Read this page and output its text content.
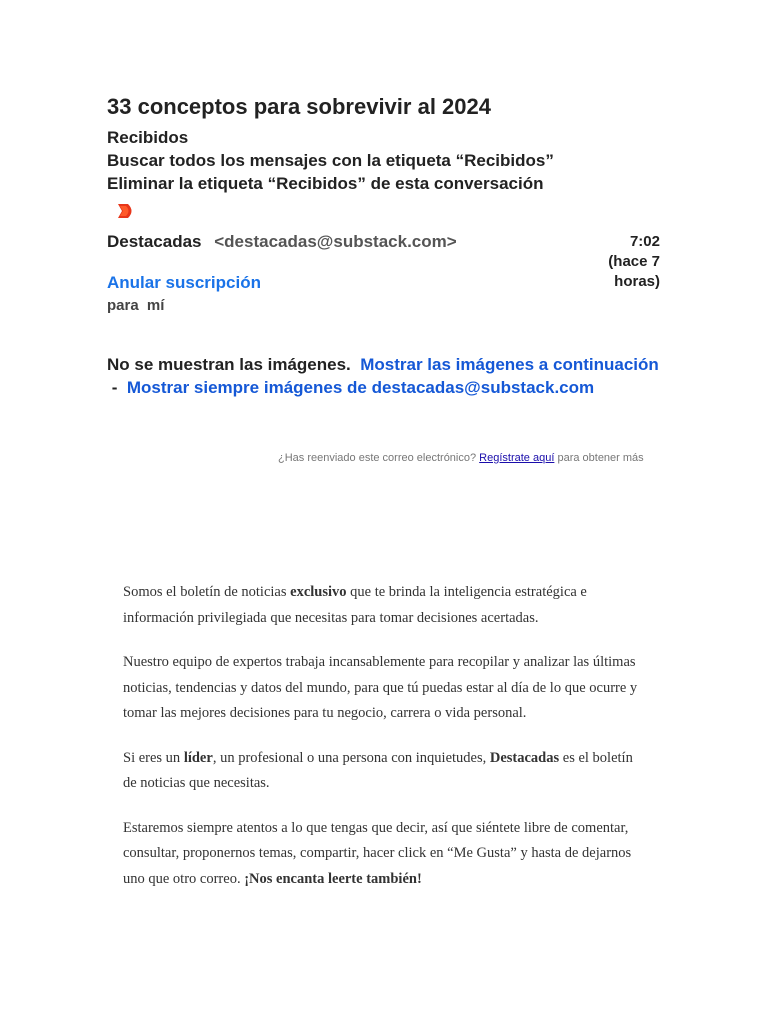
33 conceptos para sobrevivir al 2024
Recibidos
Buscar todos los mensajes con la etiqueta “Recibidos”
Eliminar la etiqueta “Recibidos” de esta conversación
Destacadas <destacadas@substack.com>	7:02
(hace 7
horas)
Anular suscripción
para mí
No se muestran las imágenes. Mostrar las imágenes a continuación  - Mostrar siempre imágenes de destacadas@substack.com
¿Has reenviado este correo electrónico? Regístrate aquí para obtener más

Somos el boletín de noticias exclusivo que te brinda la inteligencia estratégica e información privilegiada que necesitas para tomar decisiones acertadas.

Nuestro equipo de expertos trabaja incansablemente para recopilar y analizar las últimas noticias, tendencias y datos del mundo, para que tú puedas estar al día de lo que ocurre y tomar las mejores decisiones para tu negocio, carrera o vida personal.

Si eres un líder, un profesional o una persona con inquietudes, Destacadas es el boletín de noticias que necesitas.

Estaremos siempre atentos a lo que tengas que decir, así que siéntete libre de comentar, consultar, proponernos temas, compartir, hacer click en “Me Gusta” y hasta de dejarnos uno que otro correo. ¡Nos encanta leerte también!
